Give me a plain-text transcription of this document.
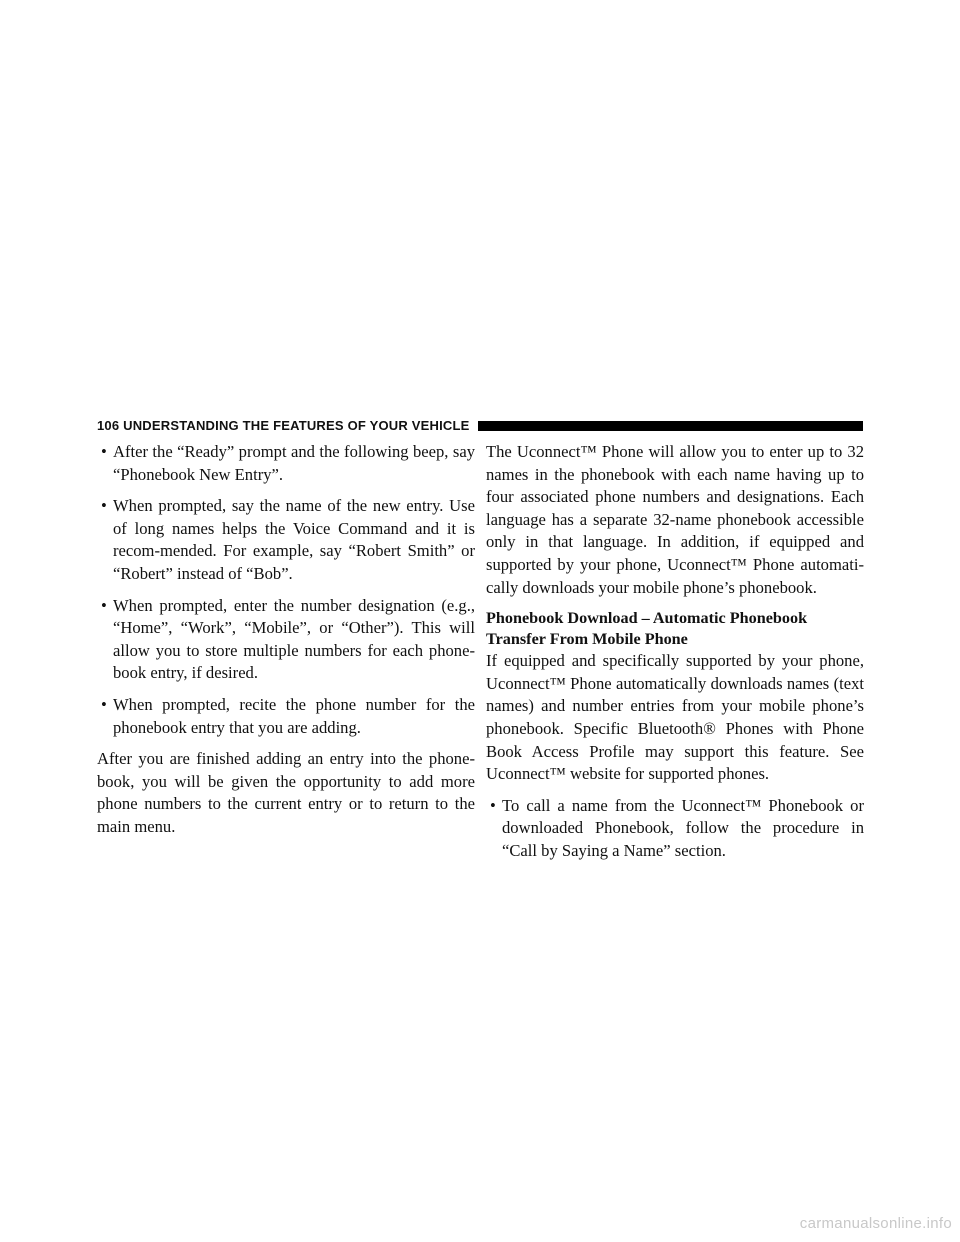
106 UNDERSTANDING THE FEATURES OF YOUR VEHICLE
• After the “Ready” prompt and the following beep, say “Phonebook New Entry”.
• When prompted, say the name of the new entry. Use of long names helps the Voice Command and it is recom-mended. For example, say “Robert Smith” or “Robert” instead of “Bob”.
• When prompted, enter the number designation (e.g., “Home”, “Work”, “Mobile”, or “Other”). This will allow you to store multiple numbers for each phone-book entry, if desired.
• When prompted, recite the phone number for the phonebook entry that you are adding.

After you are finished adding an entry into the phone-book, you will be given the opportunity to add more phone numbers to the current entry or to return to the main menu.

The Uconnect™ Phone will allow you to enter up to 32 names in the phonebook with each name having up to four associated phone numbers and designations. Each language has a separate 32-name phonebook accessible only in that language. In addition, if equipped and supported by your phone, Uconnect™ Phone automati-cally downloads your mobile phone’s phonebook.

Phonebook Download – Automatic Phonebook
Transfer From Mobile Phone

If equipped and specifically supported by your phone, Uconnect™ Phone automatically downloads names (text names) and number entries from your mobile phone’s phonebook. Specific Bluetooth® Phones with Phone Book Access Profile may support this feature. See Uconnect™ website for supported phones.

• To call a name from the Uconnect™ Phonebook or downloaded Phonebook, follow the procedure in “Call by Saying a Name” section.
carmanualsonline.info
